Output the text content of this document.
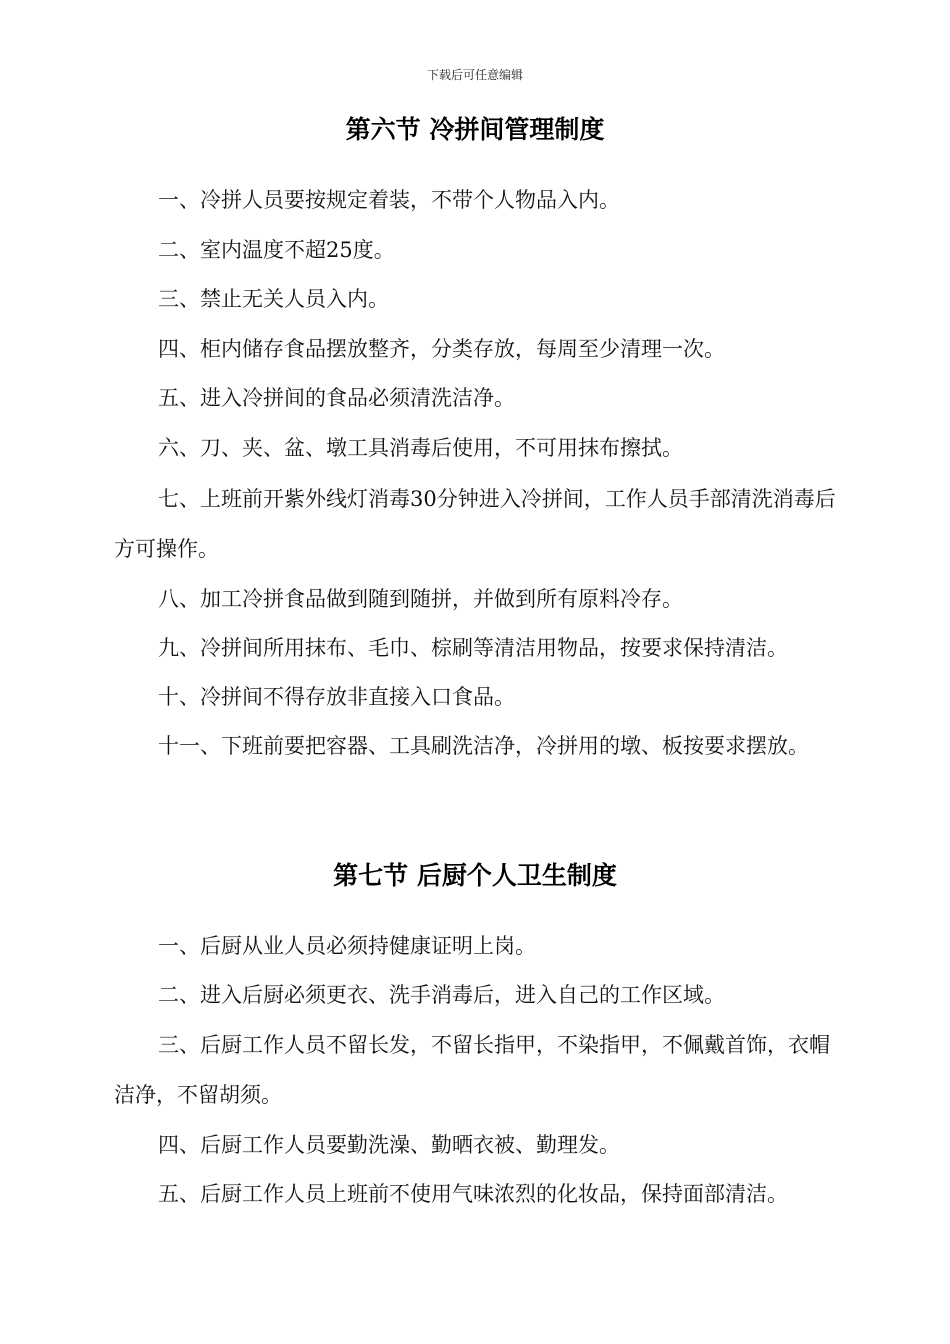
下载后可任意编辑
第六节 冷拼间管理制度
一、冷拼人员要按规定着装，不带个人物品入内。
二、室内温度不超25度。
三、禁止无关人员入内。
四、柜内储存食品摆放整齐，分类存放，每周至少清理一次。
五、进入冷拼间的食品必须清洗洁净。
六、刀、夹、盆、墩工具消毒后使用，不可用抹布擦拭。
七、上班前开紫外线灯消毒30分钟进入冷拼间，工作人员手部清洗消毒后方可操作。
八、加工冷拼食品做到随到随拼，并做到所有原料冷存。
九、冷拼间所用抹布、毛巾、棕刷等清洁用物品，按要求保持清洁。
十、冷拼间不得存放非直接入口食品。
十一、下班前要把容器、工具刷洗洁净，冷拼用的墩、板按要求摆放。
第七节 后厨个人卫生制度
一、后厨从业人员必须持健康证明上岗。
二、进入后厨必须更衣、洗手消毒后，进入自己的工作区域。
三、后厨工作人员不留长发，不留长指甲，不染指甲，不佩戴首饰，衣帽洁净，不留胡须。
四、后厨工作人员要勤洗澡、勤晒衣被、勤理发。
五、后厨工作人员上班前不使用气味浓烈的化妆品，保持面部清洁。
